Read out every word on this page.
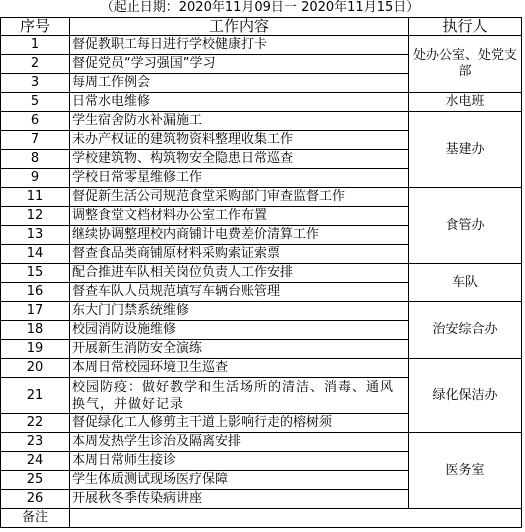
（起止日期：2020年11月09日一 2020年11月15日）
序号	工作内容	执行人
1	督促教职工每日进行学校健康打卡	处办公室、处党支部
2	督促党员“学习强国”学习	
3	每周工作例会	
5	日常水电维修	水电班
6	学生宿舍防水补漏施工	基建办
7	未办产权证的建筑物资料整理收集工作	
8	学校建筑物、构筑物安全隐患日常巡查	
9	学校日常零星维修工作	
11	督促新生活公司规范食堂采购部门审查监督工作	食管办
12	调整食堂文档材料办公室工作布置	
13	继续协调整理校内商铺计电费差价清算工作	
14	督查食品类商铺原材料采购索证索票	
15	配合推进车队相关岗位负责人工作安排	车队
16	督查车队人员规范填写车辆台账管理	
17	东大门门禁系统维修	治安综合办
18	校园消防设施维修	
19	开展新生消防安全演练	
20	本周日常校园环境卫生巡查	绿化保洁办
21	校园防疫：做好教学和生活场所的清洁、消毒、通风换气，并做好记录	
22	督促绿化工人修剪主干道上影响行走的榕树须	
23	本周发热学生诊治及隔离安排	医务室
24	本周日常师生接诊	
25	学生体质测试现场医疗保障	
26	开展秋冬季传染病讲座	
备注		
